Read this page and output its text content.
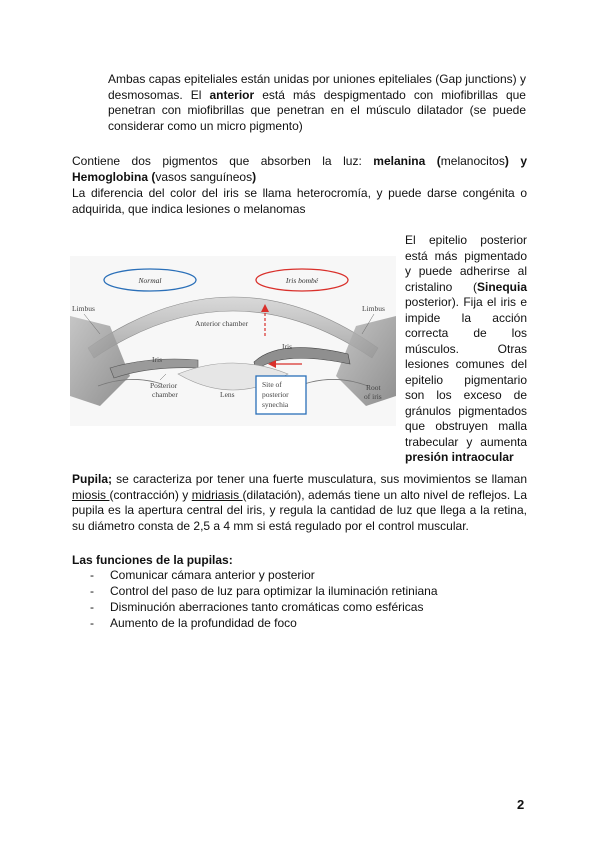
Ambas capas epiteliales están unidas por uniones epiteliales (Gap junctions) y desmosomas. El anterior está más despigmentado con miofibrillas que penetran con miofibrillas que penetran en el músculo dilatador (se puede considerar como un micro pigmento)

Contiene dos pigmentos que absorben la luz: melanina (melanocitos) y Hemoglobina (vasos sanguíneos)

La diferencia del color del iris se llama heterocromía, y puede darse congénita o adquirida, que indica lesiones o melanomas

Normal	Iris bombé
Site of
posterior
synechia
Limbus	Limbus
Anterior chamber
Iris
Iris
Posterior
chamber	Lens
Root
of iris

El epitelio posterior está más pigmentado y puede adherirse al cristalino (Sinequia posterior). Fija el iris e impide la acción correcta de los músculos. Otras lesiones comunes del epitelio pigmentario son los exceso de gránulos pigmentados que obstruyen malla trabecular y aumenta presión intraocular

Pupila; se caracteriza por tener una fuerte musculatura, sus movimientos se llaman miosis (contracción) y midriasis (dilatación), además tiene un alto nivel de reflejos. La pupila es la apertura central del iris, y regula la cantidad de luz que llega a la retina, su diámetro consta de 2,5 a 4 mm si está regulado por el control muscular.

Las funciones de la pupilas:
- Comunicar cámara anterior y posterior
- Control del paso de luz para optimizar la iluminación retiniana
- Disminución aberraciones tanto cromáticas como esféricas
- Aumento de la profundidad de foco
2
